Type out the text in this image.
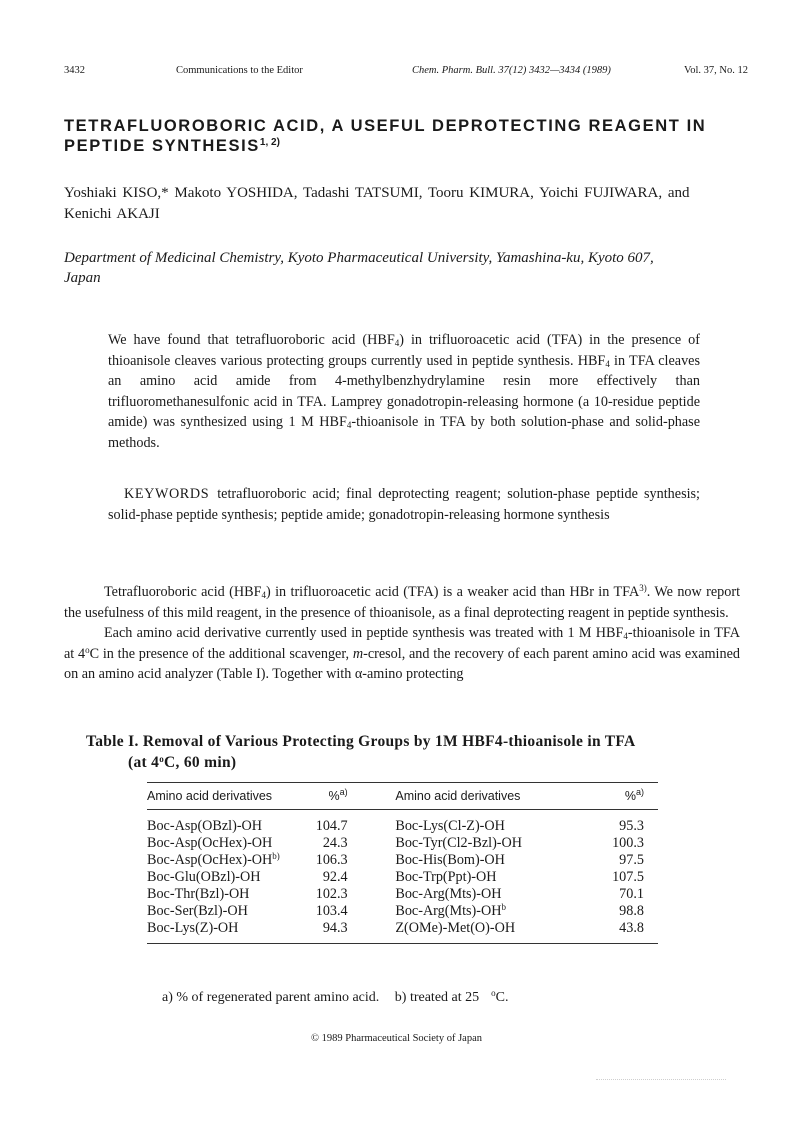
3432	Communications to the Editor	Chem. Pharm. Bull. 37(12) 3432—3434 (1989)	Vol. 37, No. 12
TETRAFLUOROBORIC ACID, A USEFUL DEPROTECTING REAGENT IN
PEPTIDE SYNTHESIS$^{1, 2)}$

Yoshiaki KISO,* Makoto YOSHIDA, Tadashi TATSUMI, Tooru KIMURA, Yoichi FUJIWARA, and
Kenichi AKAJI

Department of Medicinal Chemistry, Kyoto Pharmaceutical University, Yamashina-ku, Kyoto 607,
Japan

We have found that tetrafluoroboric acid $(HBF_4)$ in trifluoroacetic acid (TFA) in the presence of thioanisole cleaves various protecting groups currently used in peptide synthesis. $HBF_4$ in TFA cleaves an amino acid amide from 4-methylbenzhydrylamine resin more effectively than trifluoromethanesulfonic acid in TFA. Lamprey gonadotropin-releasing hormone (a 10-residue peptide amide) was synthesized using 1 M $HBF_4$-thioanisole in TFA by both solution-phase and solid-phase methods.

KEYWORDS tetrafluoroboric acid; final deprotecting reagent; solution-phase peptide synthesis; solid-phase peptide synthesis; peptide amide; gonadotropin-releasing hormone synthesis

Tetrafluoroboric acid $(HBF_4)$ in trifluoroacetic acid (TFA) is a weaker acid than HBr in TFA$^{3)}$. We now report the usefulness of this mild reagent, in the presence of thioanisole, as a final deprotecting reagent in peptide synthesis.

Each amino acid derivative currently used in peptide synthesis was treated with 1 M $HBF_4$-thioanisole in TFA at 4$^o$C in the presence of the additional scavenger, m-cresol, and the recovery of each parent amino acid was examined on an amino acid analyzer (Table I). Together with α-amino protecting

Table I. Removal of Various Protecting Groups by 1M HBF4-thioanisole in TFA
(at 4$^o$C, 60 min)

Amino acid derivatives	%$^{a)}$		Amino acid derivatives	%$^{a)}$
Boc-Asp(OBzl)-OH	104.7		Boc-Lys(Cl-Z)-OH	95.3
Boc-Asp(OcHex)-OH	24.3		Boc-Tyr(Cl2-Bzl)-OH	100.3
Boc-Asp(OcHex)-OH$^{b)}$	106.3		Boc-His(Bom)-OH	97.5
Boc-Glu(OBzl)-OH	92.4		Boc-Trp(Ppt)-OH	107.5
Boc-Thr(Bzl)-OH	102.3		Boc-Arg(Mts)-OH	70.1
Boc-Ser(Bzl)-OH	103.4		Boc-Arg(Mts)-OH$^b$	98.8
Boc-Lys(Z)-OH	94.3		Z(OMe)-Met(O)-OH	43.8

a) % of regenerated parent amino acid. b) treated at 25 $^o$C.

© 1989 Pharmaceutical Society of Japan
